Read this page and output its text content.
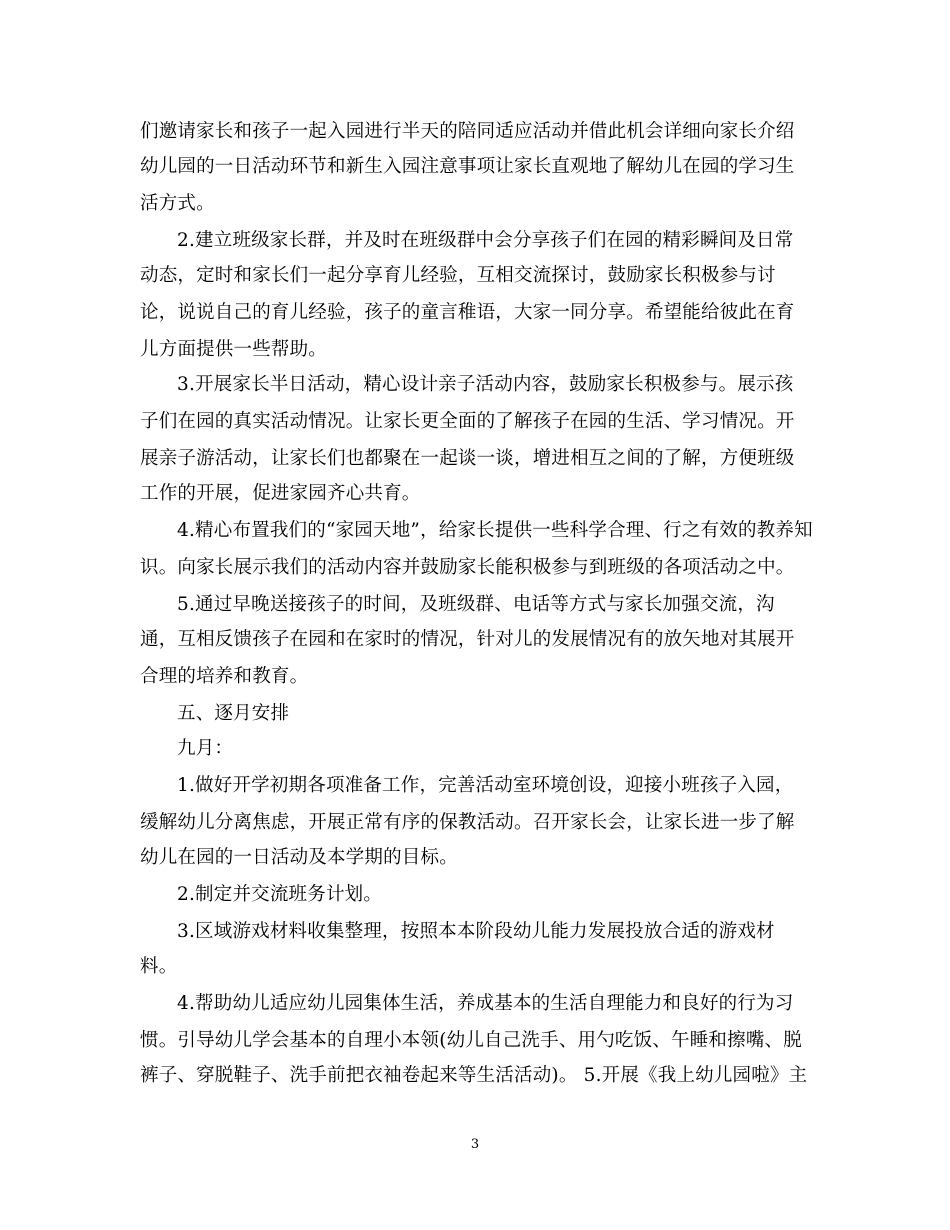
们邀请家长和孩子一起入园进行半天的陪同适应活动并借此机会详细向家长介绍
幼儿园的一日活动环节和新生入园注意事项让家长直观地了解幼儿在园的学习生
活方式。
2.建立班级家长群，并及时在班级群中会分享孩子们在园的精彩瞬间及日常
动态，定时和家长们一起分享育儿经验，互相交流探讨，鼓励家长积极参与讨
论，说说自己的育儿经验，孩子的童言稚语，大家一同分享。希望能给彼此在育
儿方面提供一些帮助。
3.开展家长半日活动，精心设计亲子活动内容，鼓励家长积极参与。展示孩
子们在园的真实活动情况。让家长更全面的了解孩子在园的生活、学习情况。开
展亲子游活动，让家长们也都聚在一起谈一谈，增进相互之间的了解，方便班级
工作的开展，促进家园齐心共育。
4.精心布置我们的“家园天地”，给家长提供一些科学合理、行之有效的教养知
识。向家长展示我们的活动内容并鼓励家长能积极参与到班级的各项活动之中。
5.通过早晚送接孩子的时间，及班级群、电话等方式与家长加强交流，沟
通，互相反馈孩子在园和在家时的情况，针对儿的发展情况有的放矢地对其展开
合理的培养和教育。
五、逐月安排
九月：
1.做好开学初期各项准备工作，完善活动室环境创设，迎接小班孩子入园，
缓解幼儿分离焦虑，开展正常有序的保教活动。召开家长会，让家长进一步了解
幼儿在园的一日活动及本学期的目标。
2.制定并交流班务计划。
3.区域游戏材料收集整理，按照本本阶段幼儿能力发展投放合适的游戏材
料。
4.帮助幼儿适应幼儿园集体生活，养成基本的生活自理能力和良好的行为习
惯。引导幼儿学会基本的自理小本领(幼儿自己洗手、用勺吃饭、午睡和擦嘴、脱
裤子、穿脱鞋子、洗手前把衣袖卷起来等生活活动)。 5.开展《我上幼儿园啦》主
3
